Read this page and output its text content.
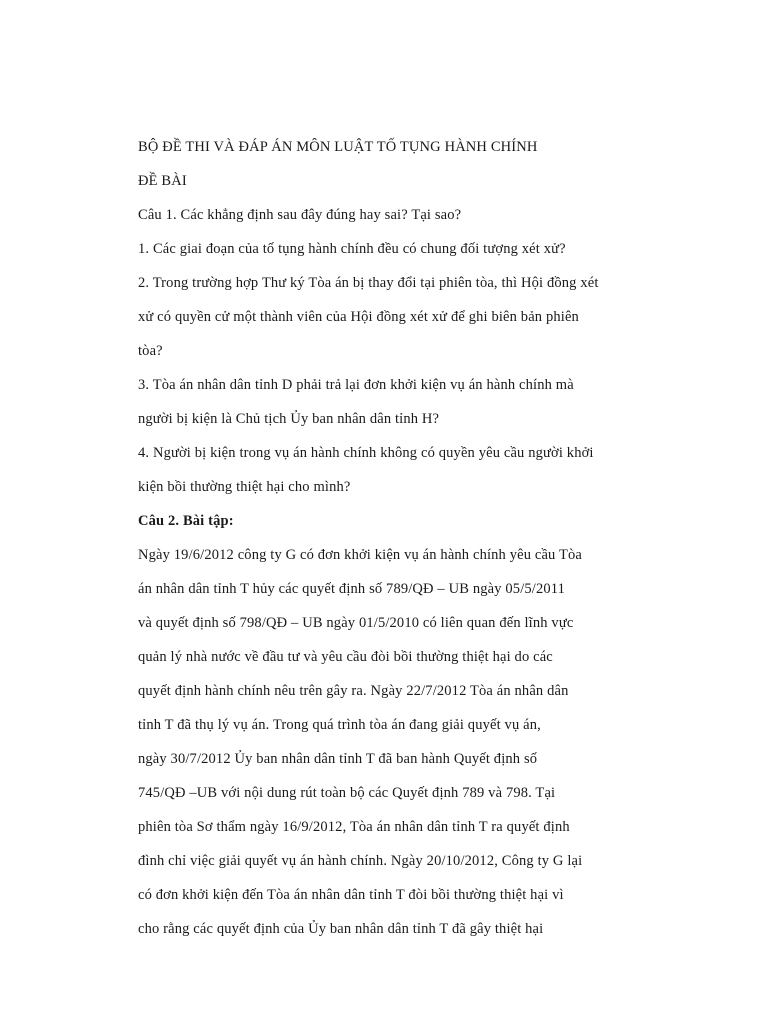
BỘ ĐỀ THI VÀ ĐÁP ÁN MÔN LUẬT TỐ TỤNG HÀNH CHÍNH
ĐỀ BÀI
Câu 1. Các khẳng định sau đây đúng hay sai? Tại sao?
1. Các giai đoạn của tố tụng hành chính đều có chung đối tượng xét xử?
2. Trong trường hợp Thư ký Tòa án bị thay đổi tại phiên tòa, thì Hội đồng xét
xử có quyền cử một thành viên của Hội đồng xét xử để ghi biên bản phiên
tòa?
3. Tòa án nhân dân tỉnh D phải trả lại đơn khởi kiện vụ án hành chính mà
người bị kiện là Chủ tịch Ủy ban nhân dân tỉnh H?
4. Người bị kiện trong vụ án hành chính không có quyền yêu cầu người khởi
kiện bồi thường thiệt hại cho mình?
Câu 2. Bài tập:
Ngày 19/6/2012 công ty G có đơn khởi kiện vụ án hành chính yêu cầu Tòa
án nhân dân tỉnh T hủy các quyết định số 789/QĐ – UB ngày 05/5/2011
và quyết định số 798/QĐ – UB ngày 01/5/2010 có liên quan đến lĩnh vực
quản lý nhà nước về đầu tư và yêu cầu đòi bồi thường thiệt hại do các
quyết định hành chính nêu trên gây ra. Ngày 22/7/2012 Tòa án nhân dân
tỉnh T đã thụ lý vụ án. Trong quá trình tòa án đang giải quyết vụ án,
ngày 30/7/2012 Ủy ban nhân dân tỉnh T đã ban hành Quyết định số
745/QĐ –UB với nội dung rút toàn bộ các Quyết định 789 và 798. Tại
phiên tòa Sơ thẩm ngày 16/9/2012, Tòa án nhân dân tỉnh T ra quyết định
đình chỉ việc giải quyết vụ án hành chính. Ngày 20/10/2012, Công ty G lại
có đơn khởi kiện đến Tòa án nhân dân tỉnh T đòi bồi thường thiệt hại vì
cho rằng các quyết định của Ủy ban nhân dân tỉnh T đã gây thiệt hại
